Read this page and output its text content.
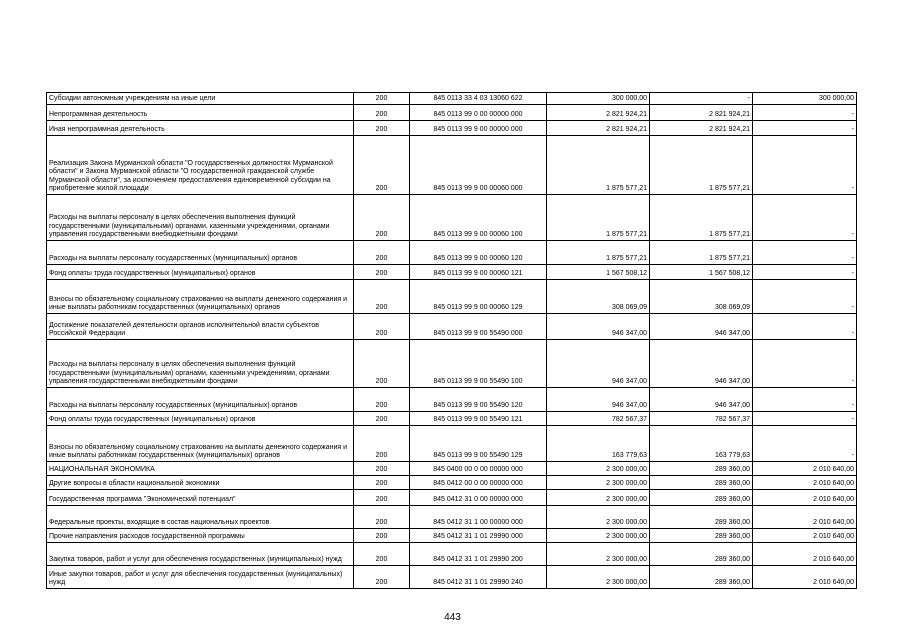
Субсидии автономным учреждениям на иные цели	200	845 0113 33 4 03 13060 622	300 000,00	-	300 000,00
Непрограммная деятельность	200	845 0113 99 0 00 00000 000	2 821 924,21	2 821 924,21	-
Иная непрограммная деятельность	200	845 0113 99 9 00 00000 000	2 821 924,21	2 821 924,21	-
Реализация Закона Мурманской области "О государственных должностях Мурманской области" и Закона Мурманской области "О государственной гражданской службе Мурманской области", за исключением предоставления единовременной субсидии на приобретение жилой площади	200	845 0113 99 9 00 00060 000	1 875 577,21	1 875 577,21	-
Расходы на выплаты персоналу в целях обеспечения выполнения функций государственными (муниципальными) органами, казенными учреждениями, органами управления государственными внебюджетными фондами	200	845 0113 99 9 00 00060 100	1 875 577,21	1 875 577,21	-
Расходы на выплаты персоналу государственных (муниципальных) органов	200	845 0113 99 9 00 00060 120	1 875 577,21	1 875 577,21	-
Фонд оплаты труда государственных (муниципальных) органов	200	845 0113 99 9 00 00060 121	1 567 508,12	1 567 508,12	-
Взносы по обязательному социальному страхованию на выплаты денежного содержания и иные выплаты работникам государственных (муниципальных) органов	200	845 0113 99 9 00 00060 129	308 069,09	308 069,09	-
Достижение показателей деятельности органов исполнительной власти субъектов Российской Федерации	200	845 0113 99 9 00 55490 000	946 347,00	946 347,00	-
Расходы на выплаты персоналу в целях обеспечения выполнения функций государственными (муниципальными) органами, казенными учреждениями, органами управления государственными внебюджетными фондами	200	845 0113 99 9 00 55490 100	946 347,00	946 347,00	-
Расходы на выплаты персоналу государственных (муниципальных) органов	200	845 0113 99 9 00 55490 120	946 347,00	946 347,00	-
Фонд оплаты труда государственных (муниципальных) органов	200	845 0113 99 9 00 55490 121	782 567,37	782 567,37	-
Взносы по обязательному социальному страхованию на выплаты денежного содержания и иные выплаты работникам государственных (муниципальных) органов	200	845 0113 99 9 00 55490 129	163 779,63	163 779,63	-
НАЦИОНАЛЬНАЯ ЭКОНОМИКА	200	845 0400 00 0 00 00000 000	2 300 000,00	289 360,00	2 010 640,00
Другие вопросы в области национальной экономики	200	845 0412 00 0 00 00000 000	2 300 000,00	289 360,00	2 010 640,00
Государственная программа "Экономический потенциал"	200	845 0412 31 0 00 00000 000	2 300 000,00	289 360,00	2 010 640,00
Федеральные проекты, входящие в состав национальных проектов	200	845 0412 31 1 00 00000 000	2 300 000,00	289 360,00	2 010 640,00
Прочие направления расходов государственной программы	200	845 0412 31 1 01 29990 000	2 300 000,00	289 360,00	2 010 640,00
Закупка товаров, работ и услуг для обеспечения государственных (муниципальных) нужд	200	845 0412 31 1 01 29990 200	2 300 000,00	289 360,00	2 010 640,00
Иные закупки товаров, работ и услуг для обеспечения государственных (муниципальных) нужд	200	845 0412 31 1 01 29990 240	2 300 000,00	289 360,00	2 010 640,00
443
